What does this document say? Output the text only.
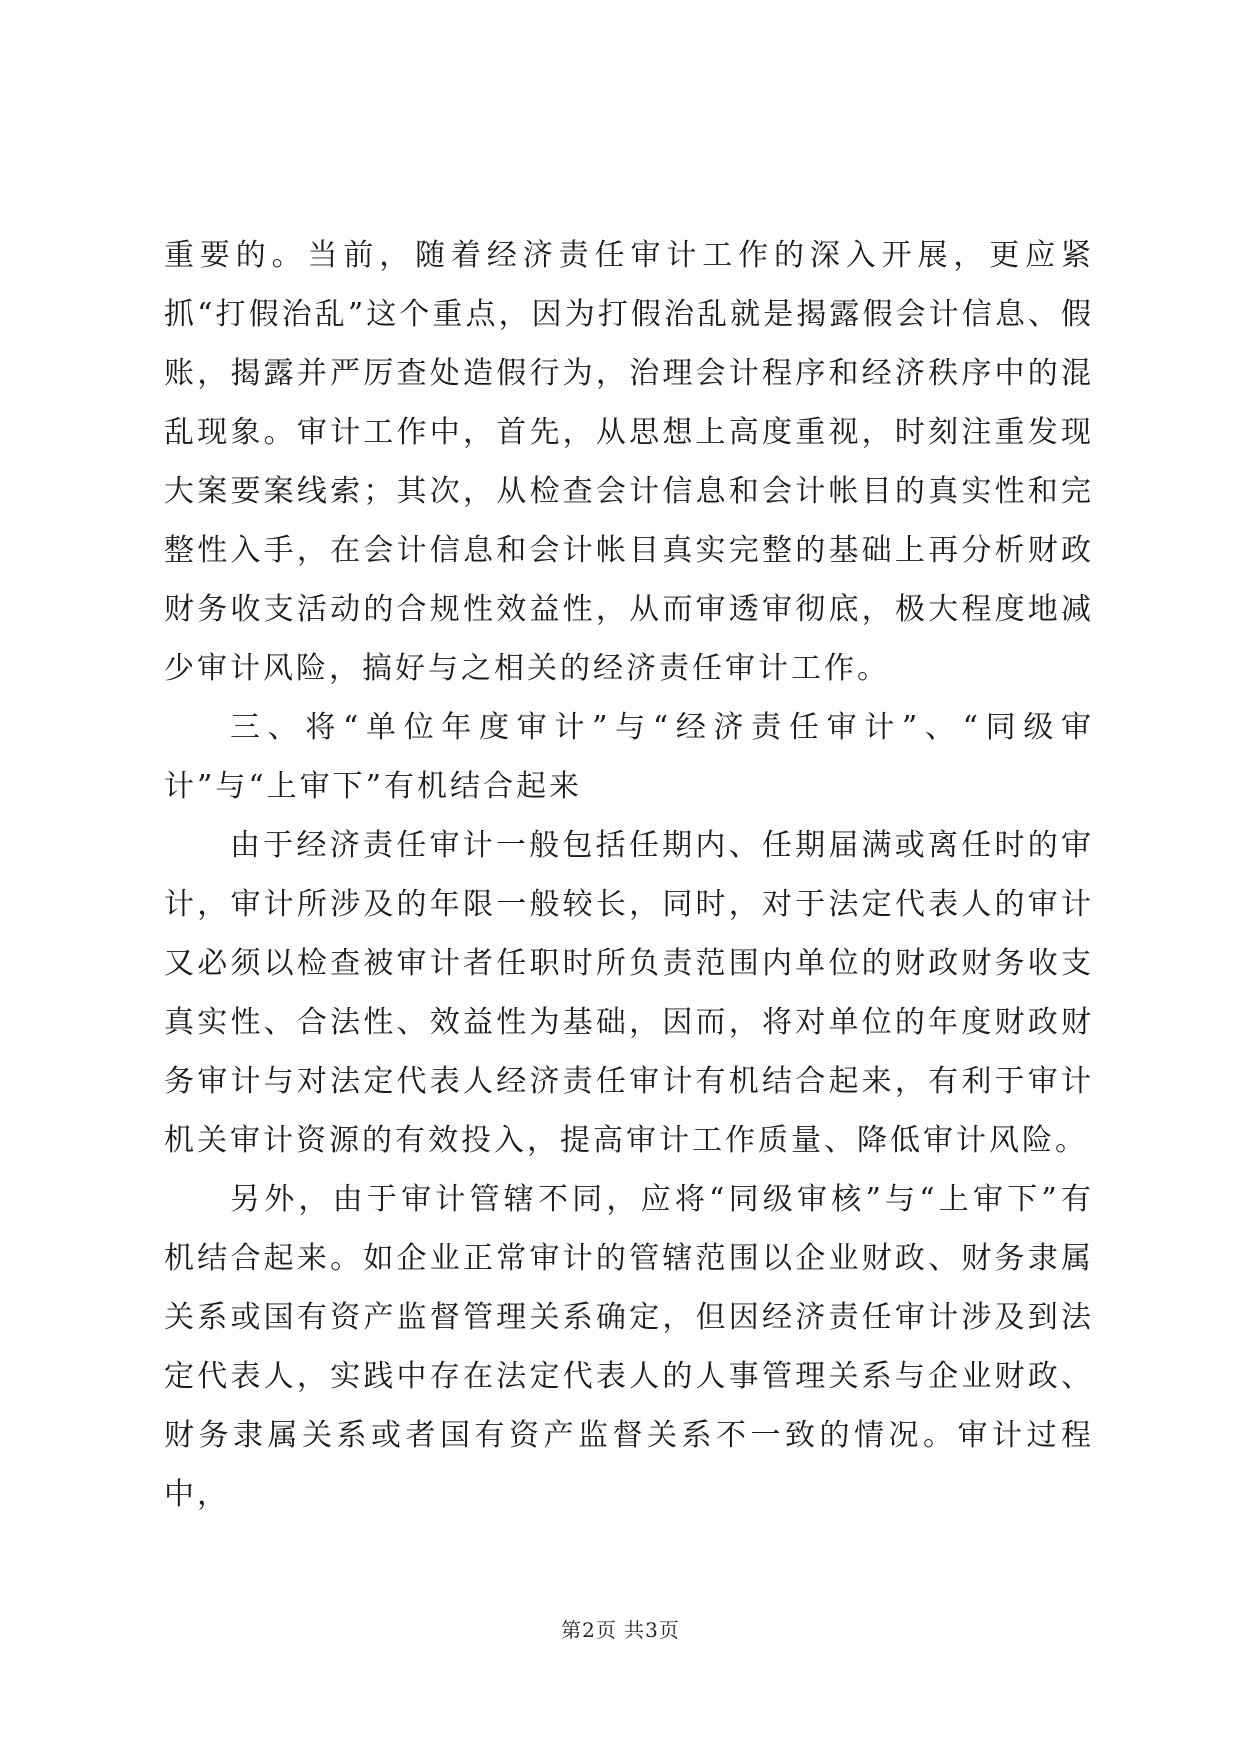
重要的。当前，随着经济责任审计工作的深入开展，更应紧抓“打假治乱”这个重点，因为打假治乱就是揭露假会计信息、假账，揭露并严厉查处造假行为，治理会计程序和经济秩序中的混乱现象。审计工作中，首先，从思想上高度重视，时刻注重发现大案要案线索；其次，从检查会计信息和会计帐目的真实性和完整性入手，在会计信息和会计帐目真实完整的基础上再分析财政财务收支活动的合规性效益性，从而审透审彻底，极大程度地减少审计风险，搞好与之相关的经济责任审计工作。

三、将“单位年度审计”与“经济责任审计”、“同级审计”与“上审下”有机结合起来

由于经济责任审计一般包括任期内、任期届满或离任时的审计，审计所涉及的年限一般较长，同时，对于法定代表人的审计又必须以检查被审计者任职时所负责范围内单位的财政财务收支真实性、合法性、效益性为基础，因而，将对单位的年度财政财务审计与对法定代表人经济责任审计有机结合起来，有利于审计机关审计资源的有效投入，提高审计工作质量、降低审计风险。

另外，由于审计管辖不同，应将“同级审核”与“上审下”有机结合起来。如企业正常审计的管辖范围以企业财政、财务隶属关系或国有资产监督管理关系确定，但因经济责任审计涉及到法定代表人，实践中存在法定代表人的人事管理关系与企业财政、财务隶属关系或者国有资产监督关系不一致的情况。审计过程中，

第2页 共3页
